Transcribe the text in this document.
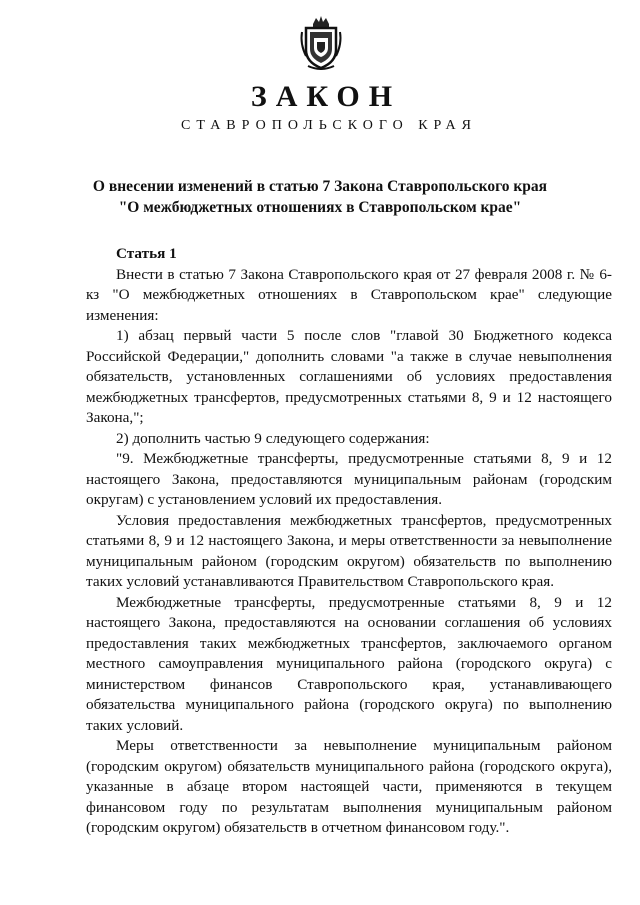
ЗАКОН
СТАВРОПОЛЬСКОГО КРАЯ
О внесении изменений в статью 7 Закона Ставропольского края
"О межбюджетных отношениях в Ставропольском крае"

Статья 1

Внести в статью 7 Закона Ставропольского края от 27 февраля 2008 г. № 6-кз "О межбюджетных отношениях в Ставропольском крае" следующие изменения:

1) абзац первый части 5 после слов "главой 30 Бюджетного кодекса Российской Федерации," дополнить словами "а также в случае невыполнения обязательств, установленных соглашениями об условиях предоставления межбюджетных трансфертов, предусмотренных статьями 8, 9 и 12 настоящего Закона,";

2) дополнить частью 9 следующего содержания:

"9. Межбюджетные трансферты, предусмотренные статьями 8, 9 и 12 настоящего Закона, предоставляются муниципальным районам (городским округам) с установлением условий их предоставления.

Условия предоставления межбюджетных трансфертов, предусмотренных статьями 8, 9 и 12 настоящего Закона, и меры ответственности за невыполнение муниципальным районом (городским округом) обязательств по выполнению таких условий устанавливаются Правительством Ставропольского края.

Межбюджетные трансферты, предусмотренные статьями 8, 9 и 12 настоящего Закона, предоставляются на основании соглашения об условиях предоставления таких межбюджетных трансфертов, заключаемого органом местного самоуправления муниципального района (городского округа) с министерством финансов Ставропольского края, устанавливающего обязательства муниципального района (городского округа) по выполнению таких условий.

Меры ответственности за невыполнение муниципальным районом (городским округом) обязательств муниципального района (городского округа), указанные в абзаце втором настоящей части, применяются в текущем финансовом году по результатам выполнения муниципальным районом (городским округом) обязательств в отчетном финансовом году.".
